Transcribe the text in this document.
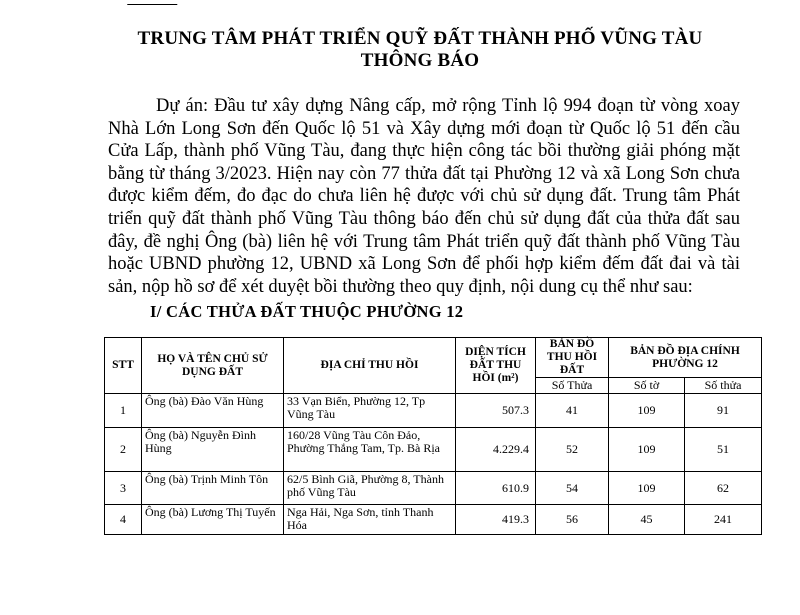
TRUNG TÂM PHÁT TRIỂN QUỸ ĐẤT THÀNH PHỐ VŨNG TÀU
THÔNG BÁO

Dự án: Đầu tư xây dựng Nâng cấp, mở rộng Tỉnh lộ 994 đoạn từ vòng xoay Nhà Lớn Long Sơn đến Quốc lộ 51 và Xây dựng mới đoạn từ Quốc lộ 51 đến cầu Cửa Lấp, thành phố Vũng Tàu, đang thực hiện công tác bồi thường giải phóng mặt bằng từ tháng 3/2023. Hiện nay còn 77 thửa đất tại Phường 12 và xã Long Sơn chưa được kiểm đếm, đo đạc do chưa liên hệ được với chủ sử dụng đất. Trung tâm Phát triển quỹ đất thành phố Vũng Tàu thông báo đến chủ sử dụng đất của thửa đất sau đây, đề nghị Ông (bà) liên hệ với Trung tâm Phát triển quỹ đất thành phố Vũng Tàu hoặc UBND phường 12, UBND xã Long Sơn để phối hợp kiểm đếm đất đai và tài sản, nộp hồ sơ để xét duyệt bồi thường theo quy định, nội dung cụ thể như sau:

I/ CÁC THỬA ĐẤT THUỘC PHƯỜNG 12
STT	HỌ VÀ TÊN CHỦ SỬ DỤNG ĐẤT	ĐỊA CHỈ THU HỒI	DIỆN TÍCH ĐẤT THU HỒI (m²)	BẢN ĐỒ THU HỒI ĐẤT	BẢN ĐỒ ĐỊA CHÍNH PHƯỜNG 12	
				Số Thửa	Số tờ	Số thửa
1	Ông (bà) Đào Văn Hùng	33 Vạn Biển, Phường 12, Tp Vũng Tàu	507.3	41	109	91
2	Ông (bà) Nguyễn Đình Hùng	160/28 Vũng Tàu Côn Đảo, Phường Thắng Tam, Tp. Bà Rịa	4.229.4	52	109	51
3	Ông (bà) Trịnh Minh Tôn	62/5 Bình Giã, Phường 8, Thành phố Vũng Tàu	610.9	54	109	62
4	Ông (bà) Lương Thị Tuyến	Nga Hải, Nga Sơn, tỉnh Thanh Hóa	419.3	56	45	241
